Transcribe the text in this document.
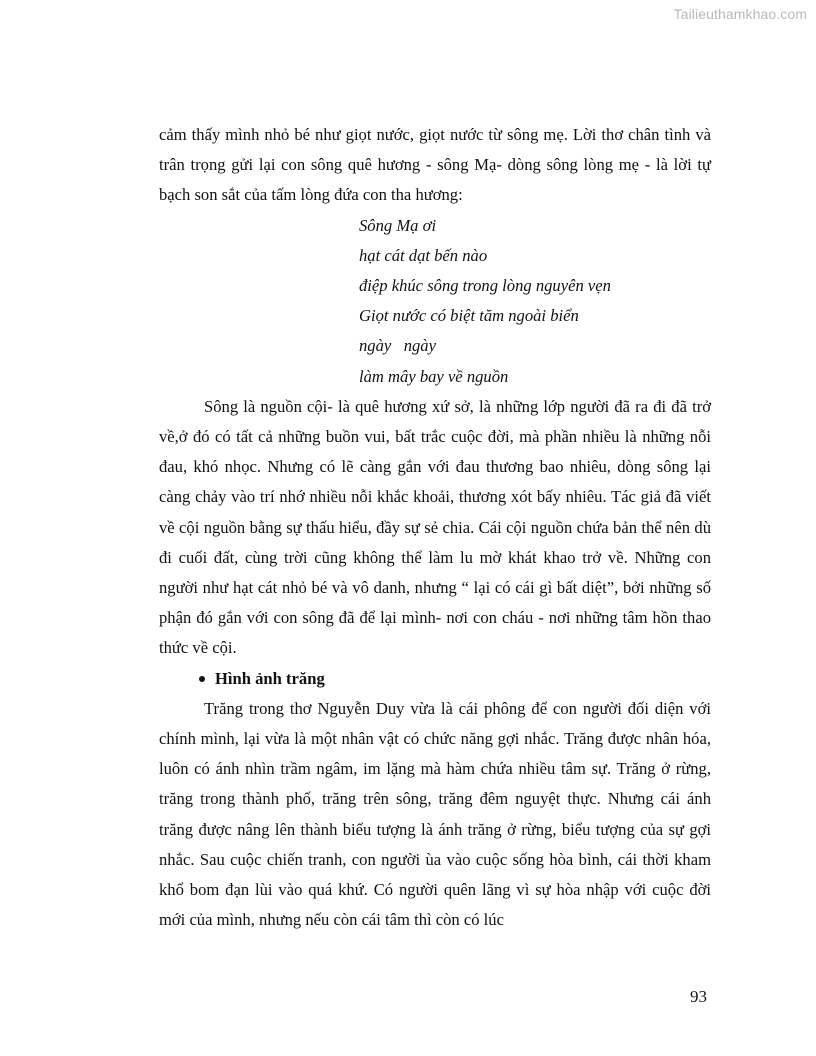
Tailieuthamkhao.com

cảm thấy mình nhỏ bé như giọt nước, giọt nước từ sông mẹ. Lời thơ chân tình và trân trọng gửi lại con sông quê hương - sông Mạ- dòng sông lòng mẹ - là lời tự bạch son sắt của tấm lòng đứa con tha hương:

Sông Mạ ơi
hạt cát dạt bến nào
điệp khúc sông trong lòng nguyên vẹn
Giọt nước có biệt tăm ngoài biển
ngày   ngày
làm mây bay về nguồn

Sông là nguồn cội- là quê hương xứ sở, là những lớp người đã ra đi đã trở về,ở đó có tất cả những buồn vui, bất trắc cuộc đời, mà phần nhiều là những nỗi đau, khó nhọc. Nhưng có lẽ càng gắn với đau thương bao nhiêu, dòng sông lại càng chảy vào trí nhớ nhiều nỗi khắc khoải, thương xót bấy nhiêu. Tác giả đã viết về cội nguồn bằng sự thấu hiểu, đầy sự sẻ chia. Cái cội nguồn chứa bản thể nên dù đi cuối đất, cùng trời cũng không thể làm lu mờ khát khao trở về. Những con người như hạt cát nhỏ bé và vô danh, nhưng “ lại có cái gì bất diệt”, bởi những số phận đó gắn với con sông đã để lại mình- nơi con cháu - nơi những tâm hồn thao thức về cội.

Hình ảnh trăng

Trăng trong thơ Nguyễn Duy vừa là cái phông để con người đối diện với chính mình, lại vừa là một nhân vật có chức năng gợi nhắc. Trăng được nhân hóa, luôn có ánh nhìn trầm ngâm, im lặng mà hàm chứa nhiều tâm sự. Trăng ở rừng, trăng trong thành phố, trăng trên sông, trăng đêm nguyệt thực. Nhưng cái ánh trăng được nâng lên thành biểu tượng là ánh trăng ở rừng, biểu tượng của sự gợi nhắc. Sau cuộc chiến tranh, con người ùa vào cuộc sống hòa bình, cái thời kham khổ bom đạn lùi vào quá khứ. Có người quên lãng vì sự hòa nhập với cuộc đời mới của mình, nhưng nếu còn cái tâm thì còn có lúc

93
